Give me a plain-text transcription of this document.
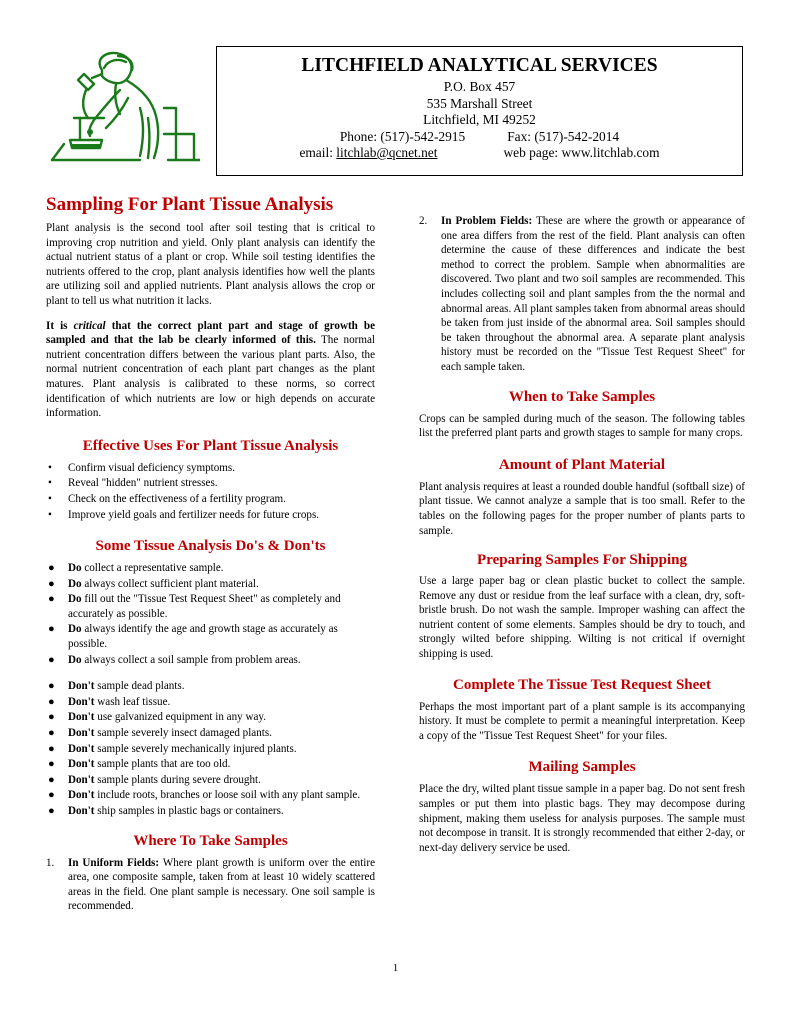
LITCHFIELD ANALYTICAL SERVICES
P.O. Box 457
535 Marshall Street
Litchfield, MI 49252
Phone: (517)-542-2915	Fax: (517)-542-2014
email: litchlab@qcnet.net	web page: www.litchlab.com
Sampling For Plant Tissue Analysis

Plant analysis is the second tool after soil testing that is critical to improving crop nutrition and yield. Only plant analysis can identify the actual nutrient status of a plant or crop. While soil testing identifies the nutrients offered to the crop, plant analysis identifies how well the plants are utilizing soil and applied nutrients. Plant analysis allows the crop or plant to tell us what nutrition it lacks.

It is critical that the correct plant part and stage of growth be sampled and that the lab be clearly informed of this. The normal nutrient concentration differs between the various plant parts. Also, the normal nutrient concentration of each plant part changes as the plant matures. Plant analysis is calibrated to these norms, so correct identification of which nutrients are low or high depends on accurate information.

Effective Uses For Plant Tissue Analysis
• Confirm visual deficiency symptoms.
• Reveal "hidden" nutrient stresses.
• Check on the effectiveness of a fertility program.
• Improve yield goals and fertilizer needs for future crops.
Some Tissue Analysis Do's & Don'ts
● Do collect a representative sample.
● Do always collect sufficient plant material.
● Do fill out the "Tissue Test Request Sheet" as completely and accurately as possible.
● Do always identify the age and growth stage as accurately as possible.
● Do always collect a soil sample from problem areas.
● Don't sample dead plants.
● Don't wash leaf tissue.
● Don't use galvanized equipment in any way.
● Don't sample severely insect damaged plants.
● Don't sample severely mechanically injured plants.
● Don't sample plants that are too old.
● Don't sample plants during severe drought.
● Don't include roots, branches or loose soil with any plant sample.
● Don't ship samples in plastic bags or containers.
Where To Take Samples
1. In Uniform Fields: Where plant growth is uniform over the entire area, one composite sample, taken from at least 10 widely scattered areas in the field. One plant sample is necessary. One soil sample is recommended.
2. In Problem Fields: These are where the growth or appearance of one area differs from the rest of the field. Plant analysis can often determine the cause of these differences and indicate the best method to correct the problem. Sample when abnormalities are discovered. Two plant and two soil samples are recommended. This includes collecting soil and plant samples from the the normal and abnormal areas. All plant samples taken from abnormal areas should be taken from just inside of the abnormal area. Soil samples should be taken throughout the abnormal area. A separate plant analysis history must be recorded on the "Tissue Test Request Sheet" for each sample taken.
When to Take Samples

Crops can be sampled during much of the season. The following tables list the preferred plant parts and growth stages to sample for many crops.

Amount of Plant Material

Plant analysis requires at least a rounded double handful (softball size) of plant tissue. We cannot analyze a sample that is too small. Refer to the tables on the following pages for the proper number of plants parts to sample.

Preparing Samples For Shipping

Use a large paper bag or clean plastic bucket to collect the sample. Remove any dust or residue from the leaf surface with a clean, dry, soft-bristle brush. Do not wash the sample. Improper washing can affect the nutrient content of some elements. Samples should be dry to touch, and strongly wilted before shipping. Wilting is not critical if overnight shipping is used.

Complete The Tissue Test Request Sheet

Perhaps the most important part of a plant sample is its accompanying history. It must be complete to permit a meaningful interpretation. Keep a copy of the "Tissue Test Request Sheet" for your files.

Mailing Samples

Place the dry, wilted plant tissue sample in a paper bag. Do not sent fresh samples or put them into plastic bags. They may decompose during shipment, making them useless for analysis purposes. The sample must not decompose in transit. It is strongly recommended that either 2-day, or next-day delivery service be used.

1
